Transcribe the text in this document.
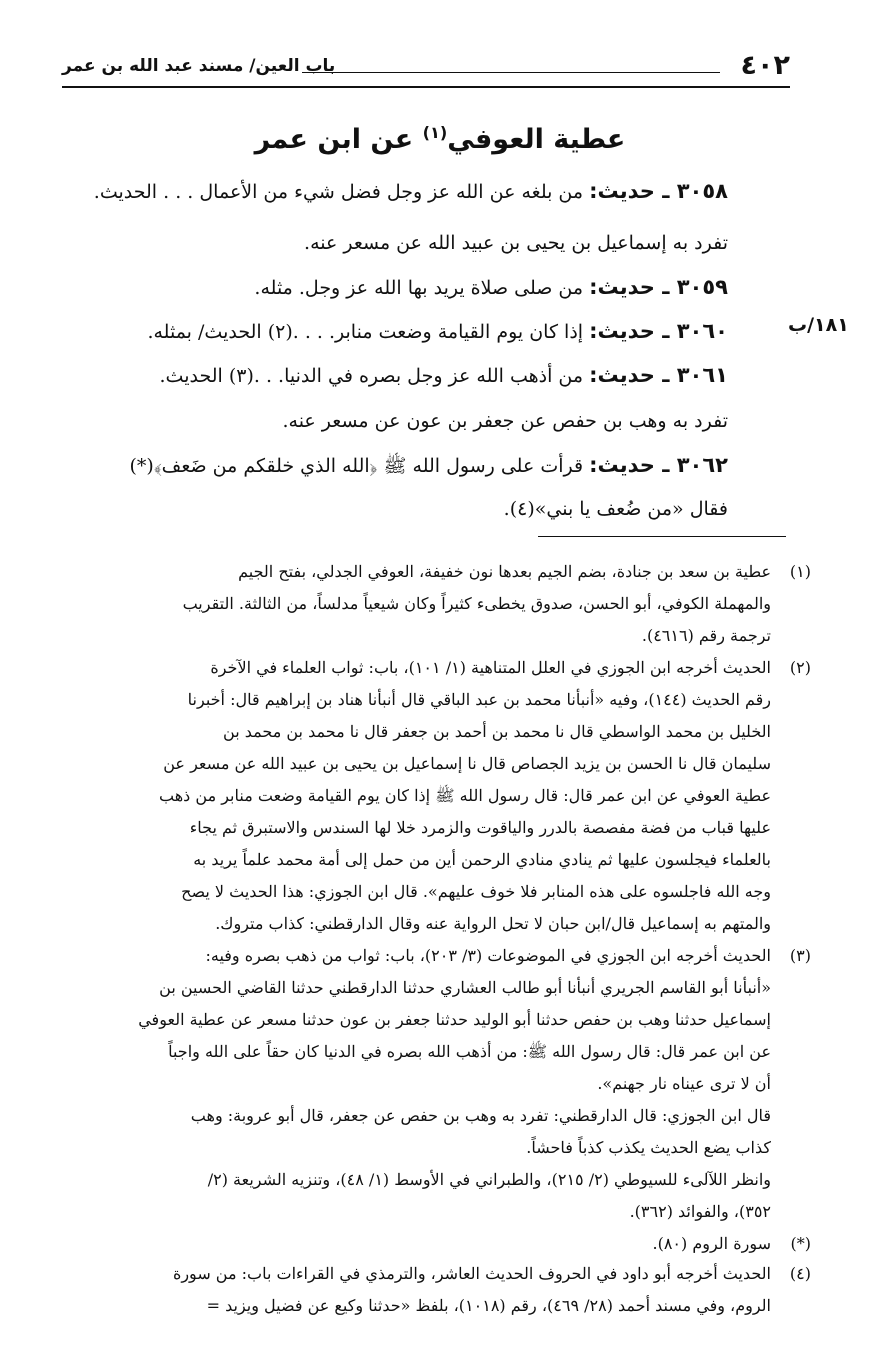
٤٠٢
باب العين/ مسند عبد الله بن عمر
عطية العوفي$^{(١)}$ عن ابن عمر
١٨١/ب
٣٠٥٨ ـ حديث: من بلغه عن الله عز وجل فضل شيء من الأعمال . . . الحديث.
تفرد به إسماعيل بن يحيى بن عبيد الله عن مسعر عنه.
٣٠٥٩ ـ حديث: من صلى صلاة يريد بها الله عز وجل. مثله.
٣٠٦٠ ـ حديث: إذا كان يوم القيامة وضعت منابر. . . .(٢) الحديث/ بمثله.
٣٠٦١ ـ حديث: من أذهب الله عز وجل بصره في الدنيا. . .(٣) الحديث.
تفرد به وهب بن حفص عن جعفر بن عون عن مسعر عنه.
٣٠٦٢ ـ حديث: قرأت على رسول الله ﷺ ﴿الله الذي خلقكم من ضَعف﴾(*)
فقال «من ضُعف يا بني»(٤).
(١)
عطية بن سعد بن جنادة، بضم الجيم بعدها نون خفيفة، العوفي الجدلي، بفتح الجيم
والمهملة الكوفي، أبو الحسن، صدوق يخطىء كثيراً وكان شيعياً مدلساً، من الثالثة. التقريب
ترجمة رقم (٤٦١٦).
(٢)
الحديث أخرجه ابن الجوزي في العلل المتناهية (١/ ١٠١)، باب: ثواب العلماء في الآخرة
رقم الحديث (١٤٤)، وفيه «أنبأنا محمد بن عبد الباقي قال أنبأنا هناد بن إبراهيم قال: أخبرنا
الخليل بن محمد الواسطي قال نا محمد بن أحمد بن جعفر قال نا محمد بن محمد بن
سليمان قال نا الحسن بن يزيد الجصاص قال نا إسماعيل بن يحيى بن عبيد الله عن مسعر عن
عطية العوفي عن ابن عمر قال: قال رسول الله ﷺ إذا كان يوم القيامة وضعت منابر من ذهب
عليها قباب من فضة مفصصة بالدرر والياقوت والزمرد خلا لها السندس والاستبرق ثم يجاء
بالعلماء فيجلسون عليها ثم ينادي منادي الرحمن أين من حمل إلى أمة محمد علماً يريد به
وجه الله فاجلسوه على هذه المنابر فلا خوف عليهم». قال ابن الجوزي: هذا الحديث لا يصح
والمتهم به إسماعيل قال/ابن حبان لا تحل الرواية عنه وقال الدارقطني: كذاب متروك.
(٣)
الحديث أخرجه ابن الجوزي في الموضوعات (٣/ ٢٠٣)، باب: ثواب من ذهب بصره وفيه:
«أنبأنا أبو القاسم الجريري أنبأنا أبو طالب العشاري حدثنا الدارقطني حدثنا القاضي الحسين بن
إسماعيل حدثنا وهب بن حفص حدثنا أبو الوليد حدثنا جعفر بن عون حدثنا مسعر عن عطية العوفي
عن ابن عمر قال: قال رسول الله ﷺ: من أذهب الله بصره في الدنيا كان حقاً على الله واجباً
أن لا ترى عيناه نار جهنم».
قال ابن الجوزي: قال الدارقطني: تفرد به وهب بن حفص عن جعفر، قال أبو عروبة: وهب
كذاب يضع الحديث يكذب كذباً فاحشاً.
وانظر اللآلىء للسيوطي (٢/ ٢١٥)، والطبراني في الأوسط (١/ ٤٨)، وتنزيه الشريعة (٢/
٣٥٢)، والفوائد (٣٦٢).
(*)
سورة الروم (٨٠).
(٤)
الحديث أخرجه أبو داود في الحروف الحديث العاشر، والترمذي في القراءات باب: من سورة
الروم، وفي مسند أحمد (٢٨/ ٤٦٩)، رقم (١٠١٨)، بلفظ «حدثنا وكيع عن فضيل ويزيد =
